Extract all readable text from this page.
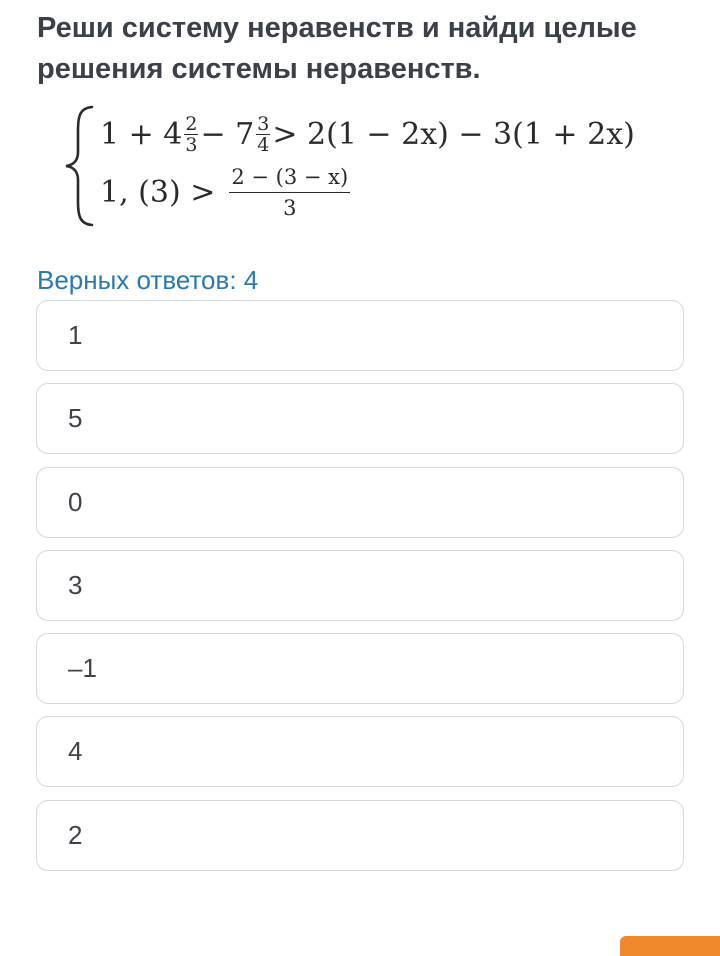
Реши систему неравенств и найди целые решения системы неравенств.
$1 + 4 \frac{2}{3} - 7 \frac{3}{4} > 2(1 - 2x) - 3(1 + 2x)$
1, $(3) > \frac{2 - (3 - x)}{3}$
Верных ответов: 4
1
5
0
3
–1
4
2
